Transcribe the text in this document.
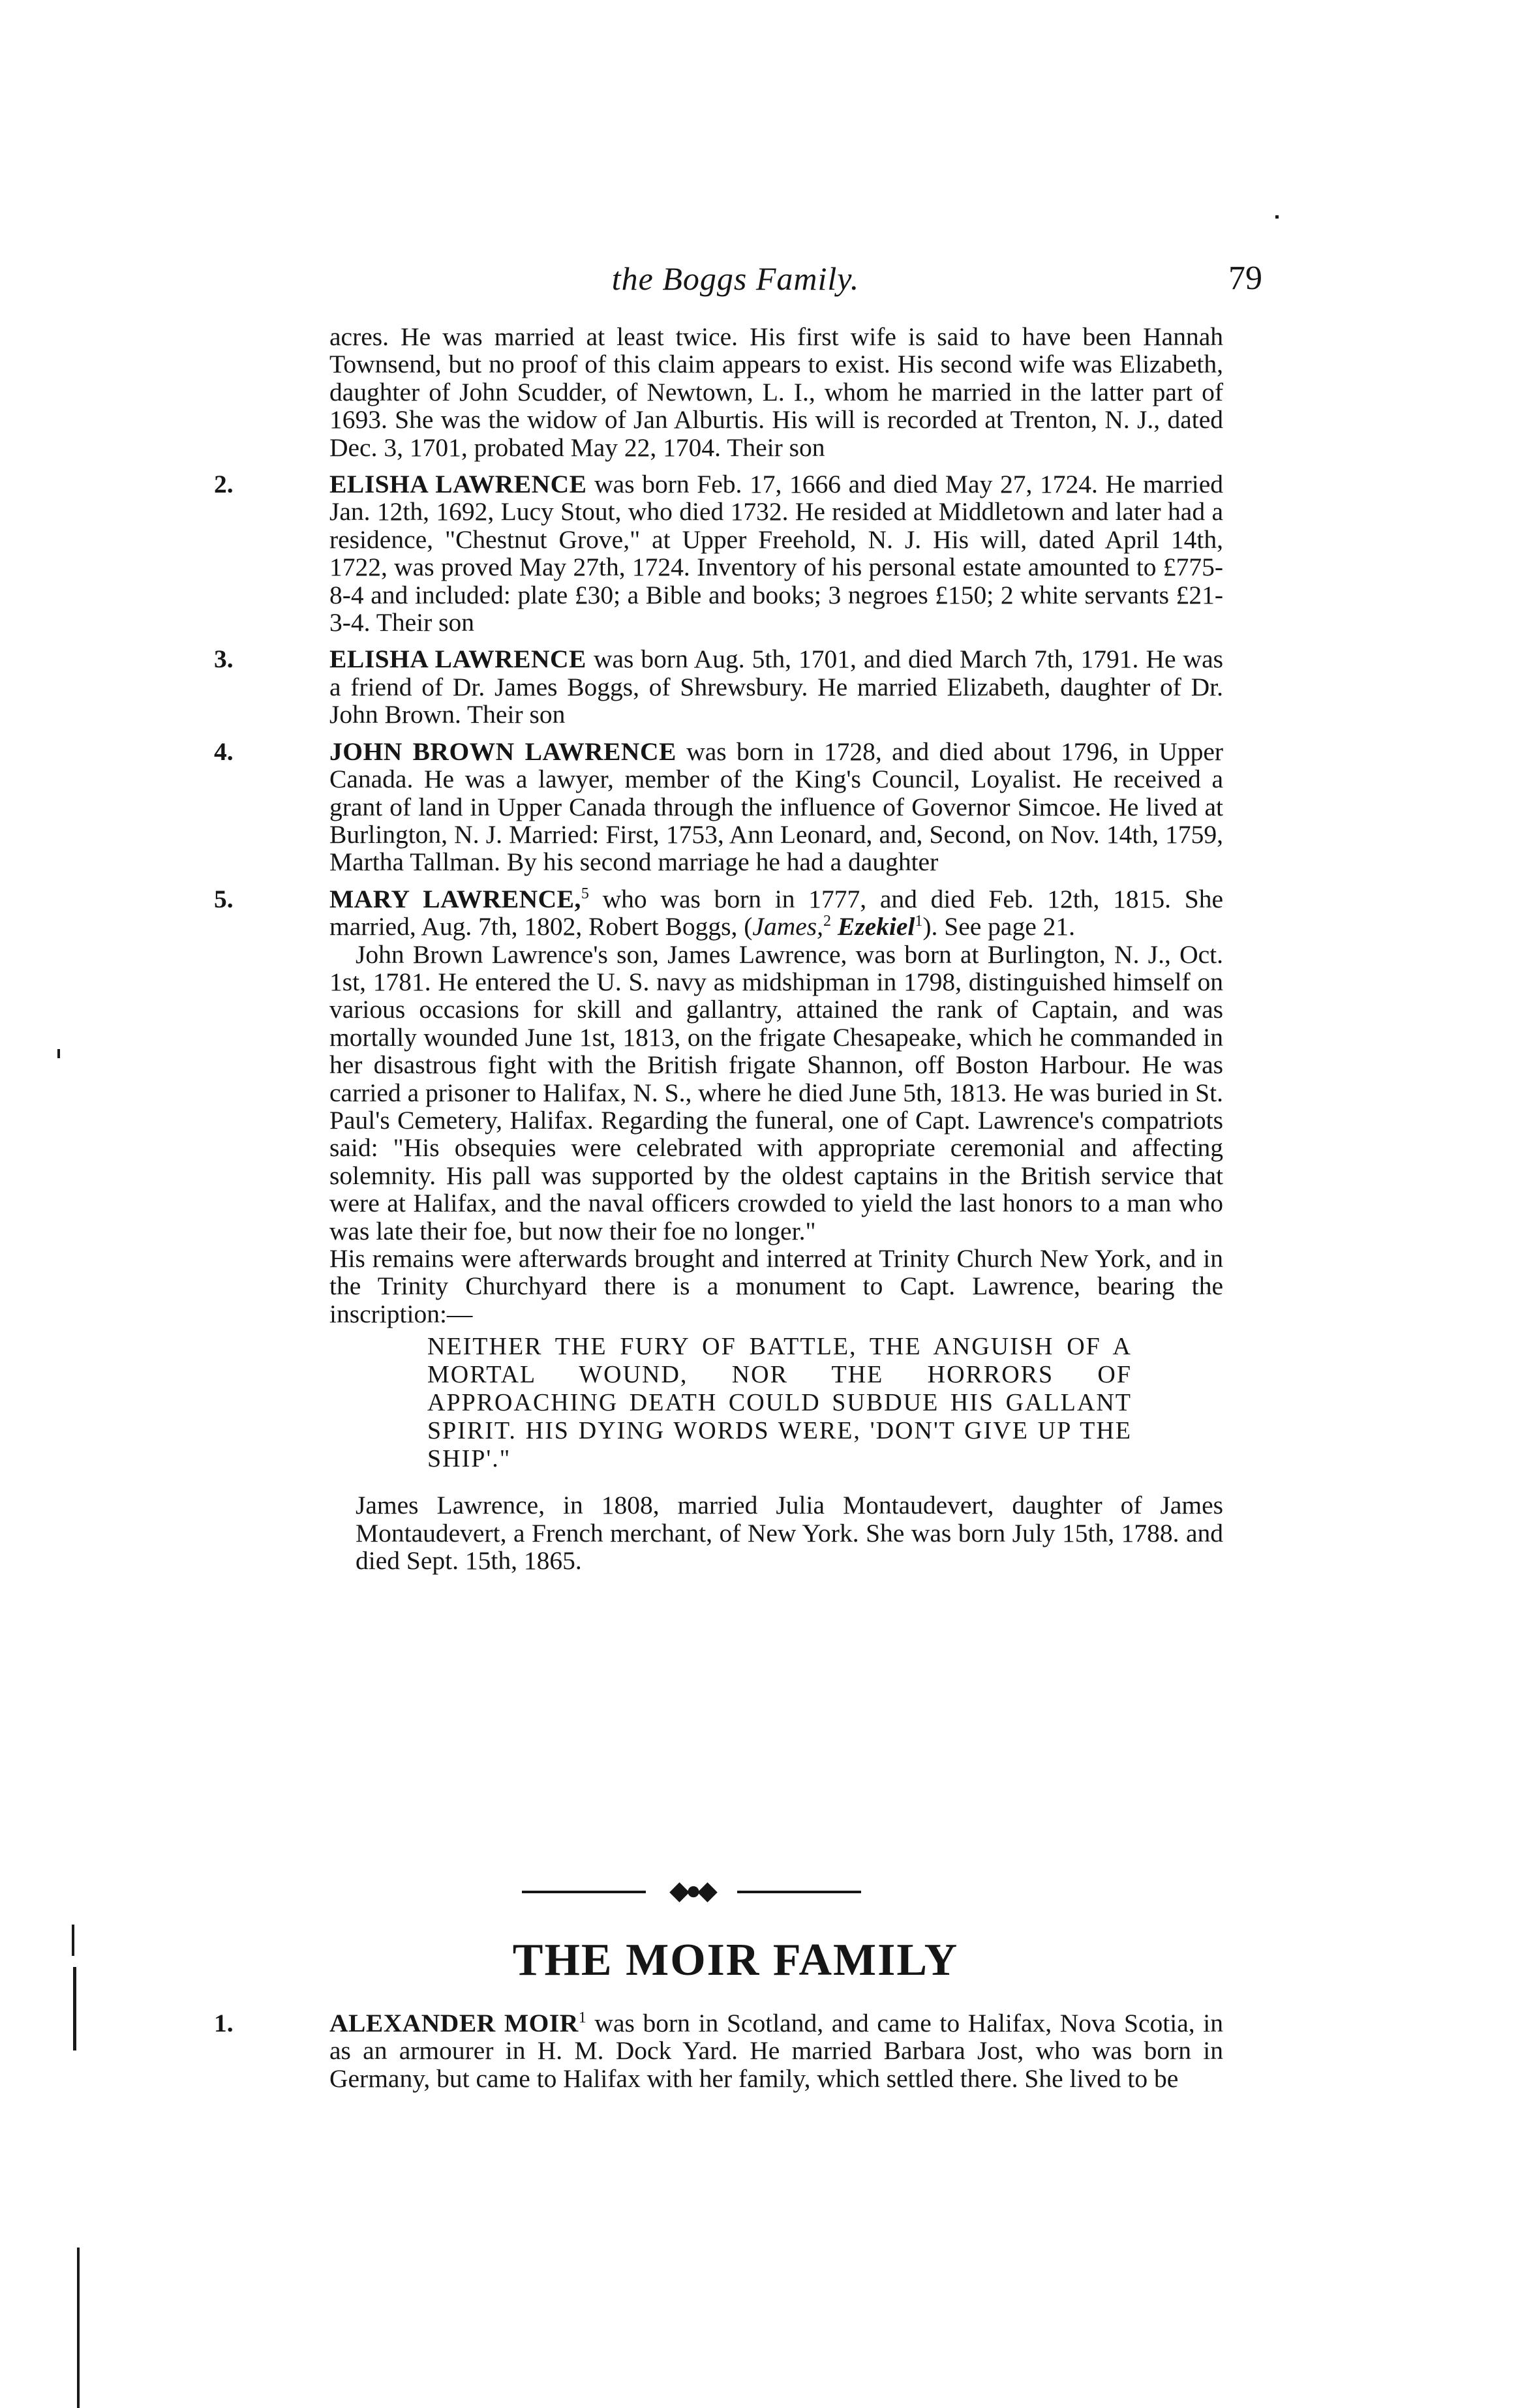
the Boggs Family.	79

acres. He was married at least twice. His first wife is said to have been Hannah Townsend, but no proof of this claim appears to exist. His second wife was Elizabeth, daughter of John Scudder, of Newtown, L. I., whom he married in the latter part of 1693. She was the widow of Jan Alburtis. His will is recorded at Trenton, N. J., dated Dec. 3, 1701, probated May 22, 1704. Their son

2.	ELISHA LAWRENCE was born Feb. 17, 1666 and died May 27, 1724. He married Jan. 12th, 1692, Lucy Stout, who died 1732. He resided at Middletown and later had a residence, "Chestnut Grove," at Upper Freehold, N. J. His will, dated April 14th, 1722, was proved May 27th, 1724. Inventory of his personal estate amounted to £775-8-4 and included: plate £30; a Bible and books; 3 negroes £150; 2 white servants £21-3-4. Their son
3.	ELISHA LAWRENCE was born Aug. 5th, 1701, and died March 7th, 1791. He was a friend of Dr. James Boggs, of Shrewsbury. He married Elizabeth, daughter of Dr. John Brown. Their son
4.	JOHN BROWN LAWRENCE was born in 1728, and died about 1796, in Upper Canada. He was a lawyer, member of the King's Council, Loyalist. He received a grant of land in Upper Canada through the influence of Governor Simcoe. He lived at Burlington, N. J. Married: First, 1753, Ann Leonard, and, Second, on Nov. 14th, 1759, Martha Tallman. By his second marriage he had a daughter
5.	MARY LAWRENCE,$^5$ who was born in 1777, and died Feb. 12th, 1815. She married, Aug. 7th, 1802, Robert Boggs, (James,$^2$ Ezekiel$^1$). See page 21.

John Brown Lawrence's son, James Lawrence, was born at Burlington, N. J., Oct. 1st, 1781. He entered the U. S. navy as midshipman in 1798, distinguished himself on various occasions for skill and gallantry, attained the rank of Captain, and was mortally wounded June 1st, 1813, on the frigate Chesapeake, which he commanded in her disastrous fight with the British frigate Shannon, off Boston Harbour. He was carried a prisoner to Halifax, N. S., where he died June 5th, 1813. He was buried in St. Paul's Cemetery, Halifax. Regarding the funeral, one of Capt. Lawrence's compatriots said: "His obsequies were celebrated with appropriate ceremonial and affecting solemnity. His pall was supported by the oldest captains in the British service that were at Halifax, and the naval officers crowded to yield the last honors to a man who was late their foe, but now their foe no longer."

His remains were afterwards brought and interred at Trinity Church New York, and in the Trinity Churchyard there is a monument to Capt. Lawrence, bearing the inscription:—

NEITHER THE FURY OF BATTLE, THE ANGUISH OF A MORTAL WOUND, NOR THE HORRORS OF APPROACHING DEATH COULD SUBDUE HIS GALLANT SPIRIT. HIS DYING WORDS WERE, 'DON'T GIVE UP THE SHIP'."

James Lawrence, in 1808, married Julia Montaudevert, daughter of James Montaudevert, a French merchant, of New York. She was born July 15th, 1788. and died Sept. 15th, 1865.

◆●◆
THE MOIR FAMILY
1.	ALEXANDER MOIR$^1$ was born in Scotland, and came to Halifax, Nova Scotia, in                 as an armourer in H. M. Dock Yard. He married Barbara Jost, who was born in Germany, but came to Halifax with her family, which settled there. She lived to be
